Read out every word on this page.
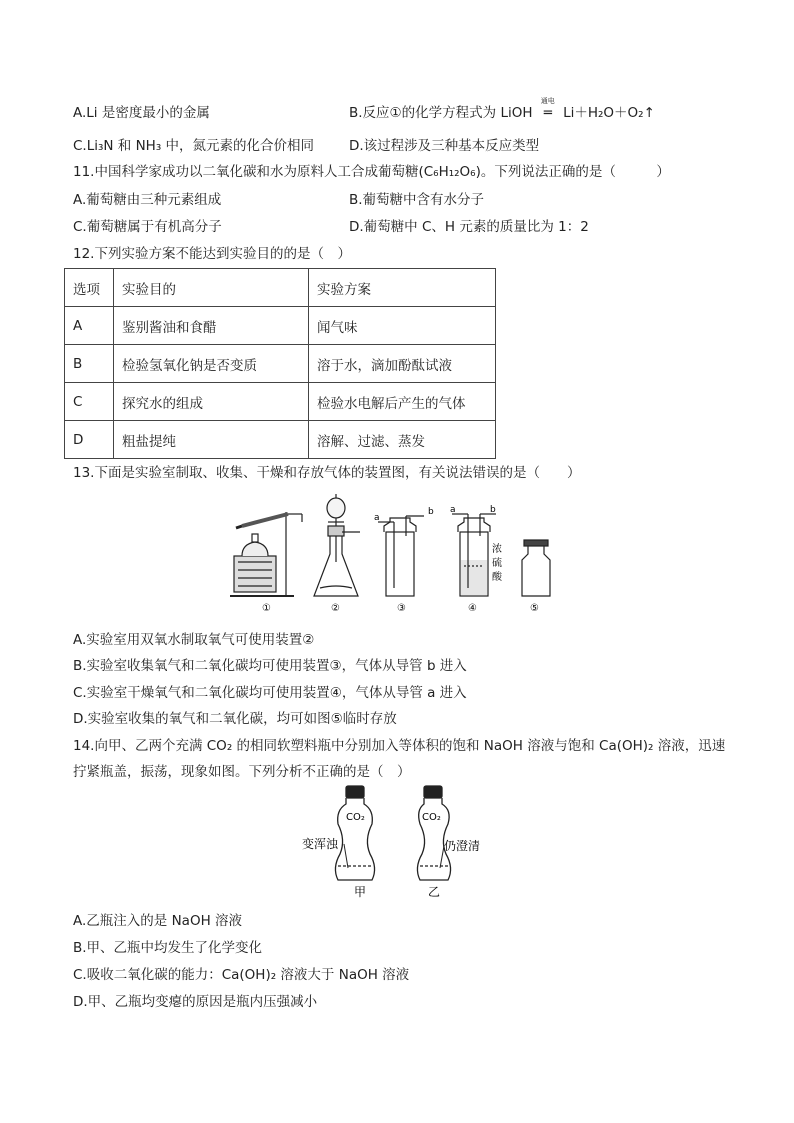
A.Li 是密度最小的金属	B.反应①的化学方程式为 LiOH
通电
═ Li＋H₂O＋O₂↑
C.Li₃N 和 NH₃ 中，氮元素的化合价相同	D.该过程涉及三种基本反应类型
11.中国科学家成功以二氧化碳和水为原料人工合成葡萄糖(C₆H₁₂O₆)。下列说法正确的是（　　　）
A.葡萄糖由三种元素组成	B.葡萄糖中含有水分子
C.葡萄糖属于有机高分子	D.葡萄糖中 C、H 元素的质量比为 1：2
12.下列实验方案不能达到实验目的的是（　）
选项	实验目的	实验方案
A	鉴别酱油和食醋	闻气味
B	检验氢氧化钠是否变质	溶于水，滴加酚酞试液
C	探究水的组成	检验水电解后产生的气体
D	粗盐提纯	溶解、过滤、蒸发
13.下面是实验室制取、收集、干燥和存放气体的装置图，有关说法错误的是（　　）
①	②
a
b
③
a	b
浓
硫
酸
④	⑤
A.实验室用双氧水制取氧气可使用装置②
B.实验室收集氧气和二氧化碳均可使用装置③，气体从导管 b 进入
C.实验室干燥氧气和二氧化碳均可使用装置④，气体从导管 a 进入
D.实验室收集的氧气和二氧化碳，均可如图⑤临时存放
14.向甲、乙两个充满 CO₂ 的相同软塑料瓶中分别加入等体积的饱和 NaOH 溶液与饱和 Ca(OH)₂ 溶液，迅速
拧紧瓶盖，振荡，现象如图。下列分析不正确的是（　）
CO₂
变浑浊
甲
CO₂
仍澄清
乙
A.乙瓶注入的是 NaOH 溶液
B.甲、乙瓶中均发生了化学变化
C.吸收二氧化碳的能力：Ca(OH)₂ 溶液大于 NaOH 溶液
D.甲、乙瓶均变瘪的原因是瓶内压强减小
